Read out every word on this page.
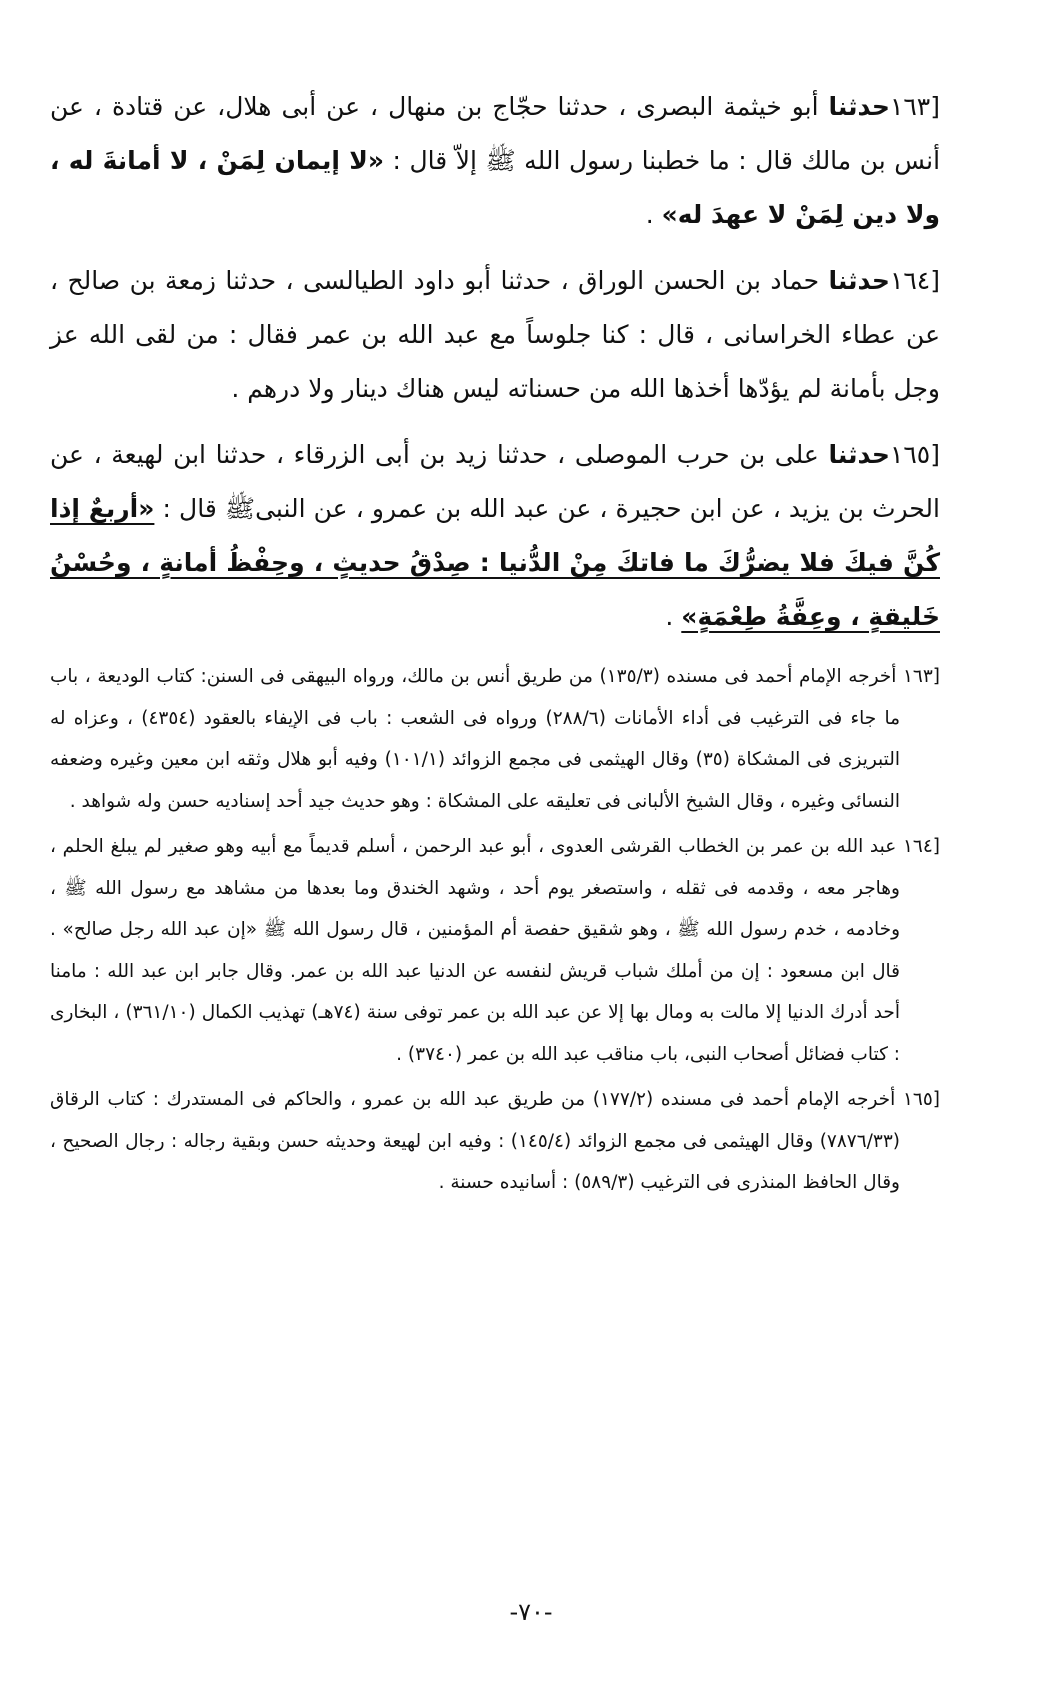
[١٦٣حدثنا أبو خيثمة البصرى ، حدثنا حجّاج بن منهال ، عن أبى هلال، عن قتادة ، عن أنس بن مالك قال : ما خطبنا رسول الله ﷺ إلاّ قال : «لا إيمان لِمَنْ ، لا أمانةَ له ، ولا دين لِمَنْ لا عهدَ له» .

[١٦٤حدثنا حماد بن الحسن الوراق ، حدثنا أبو داود الطيالسى ، حدثنا زمعة بن صالح ، عن عطاء الخراسانى ، قال : كنا جلوساً مع عبد الله بن عمر فقال : من لقى الله عز وجل بأمانة لم يؤدّها أخذها الله من حسناته ليس هناك دينار ولا درهم .

[١٦٥حدثنا على بن حرب الموصلى ، حدثنا زيد بن أبى الزرقاء ، حدثنا ابن لهيعة ، عن الحرث بن يزيد ، عن ابن حجيرة ، عن عبد الله بن عمرو ، عن النبىﷺ قال : «أربعٌ إذا كُنَّ فيكَ فلا يضرُّكَ ما فاتكَ مِنْ الدُّنيا : صِدْقُ حديثٍ ، وحِفْظُ أمانةٍ ، وحُسْنُ خَليقةٍ ، وعِفَّةُ طِعْمَةٍ» .

[١٦٣ أخرجه الإمام أحمد فى مسنده (١٣٥/٣) من طريق أنس بن مالك، ورواه البيهقى فى السنن: كتاب الوديعة ، باب ما جاء فى الترغيب فى أداء الأمانات (٢٨٨/٦) ورواه فى الشعب : باب فى الإيفاء بالعقود (٤٣٥٤) ، وعزاه له التبريزى فى المشكاة (٣٥) وقال الهيثمى فى مجمع الزوائد (١٠١/١) وفيه أبو هلال وثقه ابن معين وغيره وضعفه النسائى وغيره ، وقال الشيخ الألبانى فى تعليقه على المشكاة : وهو حديث جيد أحد إسناديه حسن وله شواهد .

[١٦٤ عبد الله بن عمر بن الخطاب القرشى العدوى ، أبو عبد الرحمن ، أسلم قديماً مع أبيه وهو صغير لم يبلغ الحلم ، وهاجر معه ، وقدمه فى ثقله ، واستصغر يوم أحد ، وشهد الخندق وما بعدها من مشاهد مع رسول الله ﷺ ، وخادمه ، خدم رسول الله ﷺ ، وهو شقيق حفصة أم المؤمنين ، قال رسول الله ﷺ «إن عبد الله رجل صالح» . قال ابن مسعود : إن من أملك شباب قريش لنفسه عن الدنيا عبد الله بن عمر. وقال جابر ابن عبد الله : مامنا أحد أدرك الدنيا إلا مالت به ومال بها إلا عن عبد الله بن عمر توفى سنة (٧٤هـ) تهذيب الكمال (٣٦١/١٠) ، البخارى : كتاب فضائل أصحاب النبى، باب مناقب عبد الله بن عمر (٣٧٤٠) .

[١٦٥ أخرجه الإمام أحمد فى مسنده (١٧٧/٢) من طريق عبد الله بن عمرو ، والحاكم فى المستدرك : كتاب الرقاق (٧٨٧٦/٣٣) وقال الهيثمى فى مجمع الزوائد (١٤٥/٤) : وفيه ابن لهيعة وحديثه حسن وبقية رجاله : رجال الصحيح ، وقال الحافظ المنذرى فى الترغيب (٥٨٩/٣) : أسانيده حسنة .

-٧٠-
